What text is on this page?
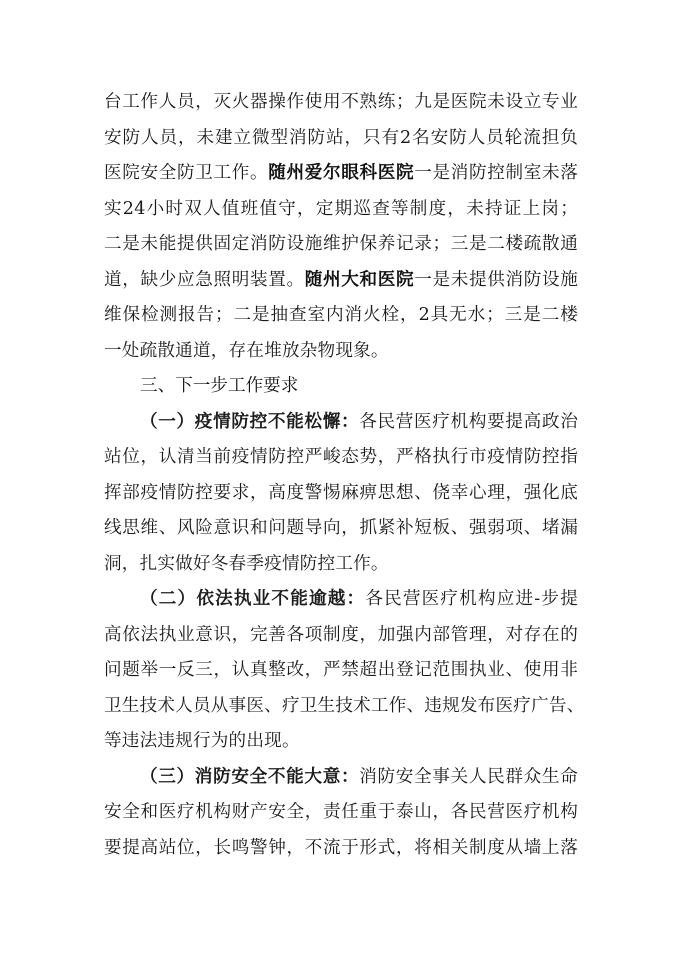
台工作人员，灭火器操作使用不熟练；九是医院未设立专业
安防人员，未建立微型消防站，只有2名安防人员轮流担负
医院安全防卫工作。随州爱尔眼科医院一是消防控制室未落
实24小时双人值班值守，定期巡查等制度，未持证上岗；
二是未能提供固定消防设施维护保养记录；三是二楼疏散通
道，缺少应急照明装置。随州大和医院一是未提供消防设施
维保检测报告；二是抽查室内消火栓，2具无水；三是二楼
一处疏散通道，存在堆放杂物现象。
三、下一步工作要求
（一）疫情防控不能松懈：各民营医疗机构要提高政治
站位，认清当前疫情防控严峻态势，严格执行市疫情防控指
挥部疫情防控要求，高度警惕麻痹思想、侥幸心理，强化底
线思维、风险意识和问题导向，抓紧补短板、强弱项、堵漏
洞，扎实做好冬春季疫情防控工作。
（二）依法执业不能逾越：各民营医疗机构应进-步提
高依法执业意识，完善各项制度，加强内部管理，对存在的
问题举一反三，认真整改，严禁超出登记范围执业、使用非
卫生技术人员从事医、疗卫生技术工作、违规发布医疗广告、
等违法违规行为的出现。
（三）消防安全不能大意：消防安全事关人民群众生命
安全和医疗机构财产安全，责任重于泰山，各民营医疗机构
要提高站位，长鸣警钟，不流于形式，将相关制度从墙上落
